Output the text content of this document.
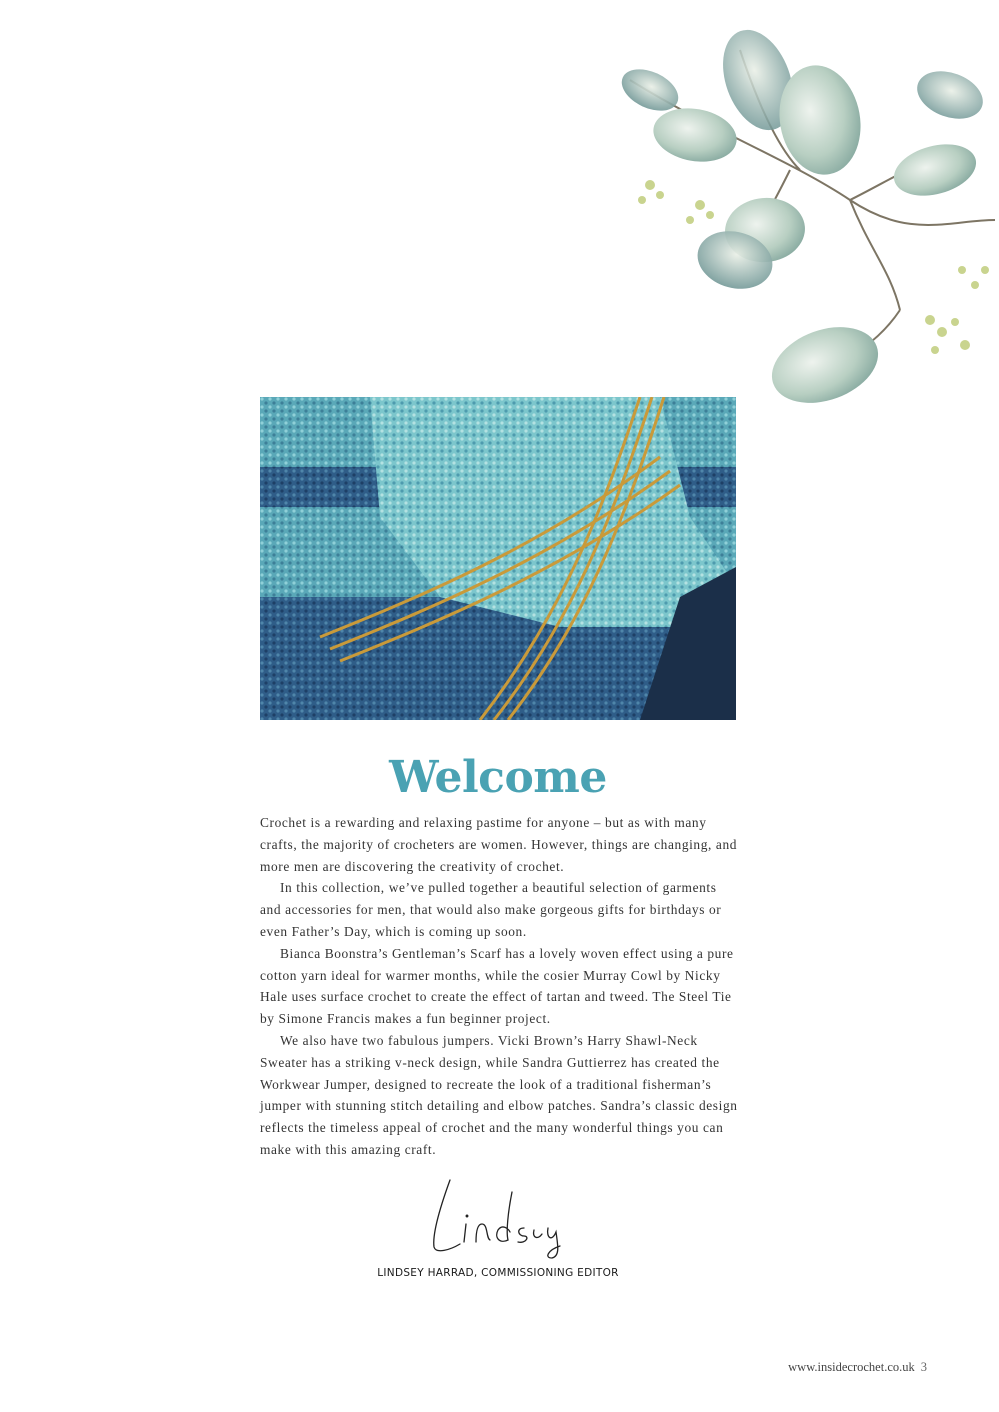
Welcome

Crochet is a rewarding and relaxing pastime for anyone – but as with many crafts, the majority of crocheters are women. However, things are changing, and more men are discovering the creativity of crochet.

In this collection, we’ve pulled together a beautiful selection of garments and accessories for men, that would also make gorgeous gifts for birthdays or even Father’s Day, which is coming up soon.

Bianca Boonstra’s Gentleman’s Scarf has a lovely woven effect using a pure cotton yarn ideal for warmer months, while the cosier Murray Cowl by Nicky Hale uses surface crochet to create the effect of tartan and tweed. The Steel Tie by Simone Francis makes a fun beginner project.

We also have two fabulous jumpers. Vicki Brown’s Harry Shawl-Neck Sweater has a striking v-neck design, while Sandra Guttierrez has created the Workwear Jumper, designed to recreate the look of a traditional fisherman’s jumper with stunning stitch detailing and elbow patches. Sandra’s classic design reflects the timeless appeal of crochet and the many wonderful things you can make with this amazing craft.

LINDSEY HARRAD, COMMISSIONING EDITOR
www.insidecrochet.co.uk 3
